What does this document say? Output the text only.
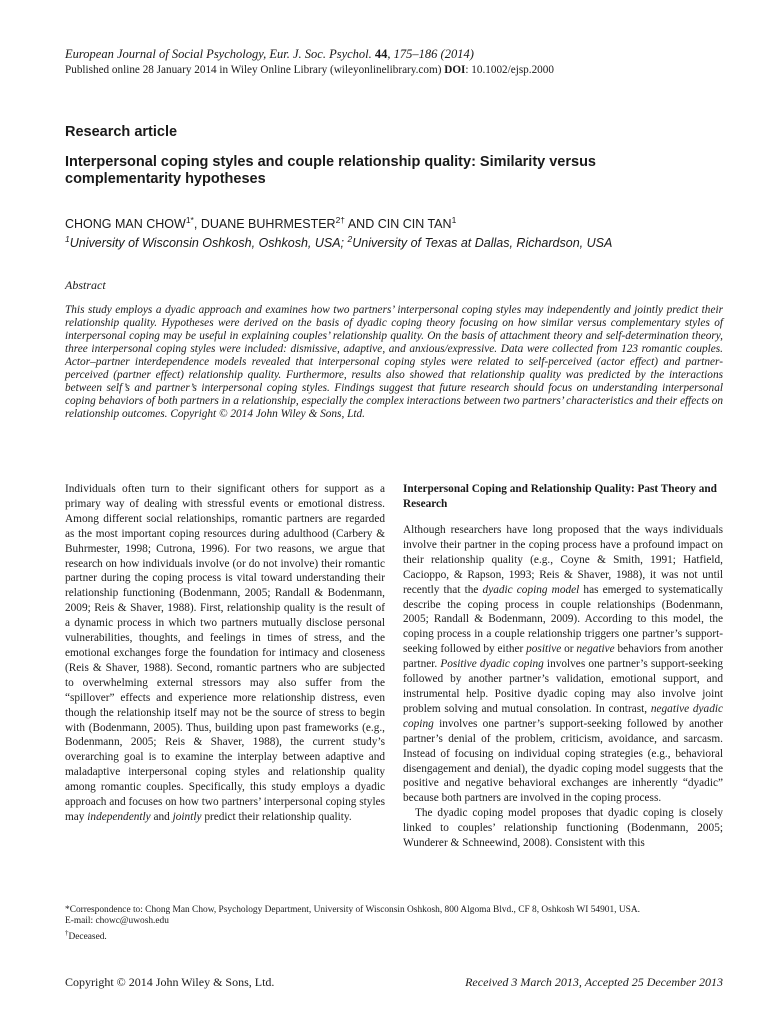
European Journal of Social Psychology, Eur. J. Soc. Psychol. 44, 175–186 (2014)
Published online 28 January 2014 in Wiley Online Library (wileyonlinelibrary.com) DOI: 10.1002/ejsp.2000
Research article
Interpersonal coping styles and couple relationship quality: Similarity versus complementarity hypotheses
CHONG MAN $CHOW^{1*}$, DUANE $BUHRMESTER^{2\dagger}$ AND CIN CIN TAN$^1$
$^1$University of Wisconsin Oshkosh, Oshkosh, USA; $^2$University of Texas at Dallas, Richardson, USA
Abstract
This study employs a dyadic approach and examines how two partners’ interpersonal coping styles may independently and jointly predict their relationship quality. Hypotheses were derived on the basis of dyadic coping theory focusing on how similar versus complementary styles of interpersonal coping may be useful in explaining couples’ relationship quality. On the basis of attachment theory and self-determination theory, three interpersonal coping styles were included: dismissive, adaptive, and anxious/expressive. Data were collected from 123 romantic couples. Actor–partner interdependence models revealed that interpersonal coping styles were related to self-perceived (actor effect) and partner-perceived (partner effect) relationship quality. Furthermore, results also showed that relationship quality was predicted by the interactions between self’s and partner’s interpersonal coping styles. Findings suggest that future research should focus on understanding interpersonal coping behaviors of both partners in a relationship, especially the complex interactions between two partners’ characteristics and their effects on relationship outcomes. Copyright © 2014 John Wiley & Sons, Ltd.

Individuals often turn to their significant others for support as a primary way of dealing with stressful events or emotional distress. Among different social relationships, romantic partners are regarded as the most important coping resources during adulthood (Carbery & Buhrmester, 1998; Cutrona, 1996). For two reasons, we argue that research on how individuals involve (or do not involve) their romantic partner during the coping process is vital toward understanding their relationship functioning (Bodenmann, 2005; Randall & Bodenmann, 2009; Reis & Shaver, 1988). First, relationship quality is the result of a dynamic process in which two partners mutually disclose personal vulnerabilities, thoughts, and feelings in times of stress, and the emotional exchanges forge the foundation for intimacy and closeness (Reis & Shaver, 1988). Second, romantic partners who are subjected to overwhelming external stressors may also suffer from the “spillover” effects and experience more relationship distress, even though the relationship itself may not be the source of stress to begin with (Bodenmann, 2005). Thus, building upon past frameworks (e.g., Bodenmann, 2005; Reis & Shaver, 1988), the current study’s overarching goal is to examine the interplay between adaptive and maladaptive interpersonal coping styles and relationship quality among romantic couples. Specifically, this study employs a dyadic approach and focuses on how two partners’ interpersonal coping styles may independently and jointly predict their relationship quality.

Interpersonal Coping and Relationship Quality: Past Theory and Research

Although researchers have long proposed that the ways individuals involve their partner in the coping process have a profound impact on their relationship quality (e.g., Coyne & Smith, 1991; Hatfield, Cacioppo, & Rapson, 1993; Reis & Shaver, 1988), it was not until recently that the dyadic coping model has emerged to systematically describe the coping process in couple relationships (Bodenmann, 2005; Randall & Bodenmann, 2009). According to this model, the coping process in a couple relationship triggers one partner’s support-seeking followed by either positive or negative behaviors from another partner. Positive dyadic coping involves one partner’s support-seeking followed by another partner’s validation, emotional support, and instrumental help. Positive dyadic coping may also involve joint problem solving and mutual consolation. In contrast, negative dyadic coping involves one partner’s support-seeking followed by another partner’s denial of the problem, criticism, avoidance, and sarcasm. Instead of focusing on individual coping strategies (e.g., behavioral disengagement and denial), the dyadic coping model suggests that the positive and negative behavioral exchanges are inherently “dyadic” because both partners are involved in the coping process.

The dyadic coping model proposes that dyadic coping is closely linked to couples’ relationship functioning (Bodenmann, 2005; Wunderer & Schneewind, 2008). Consistent with this

*Correspondence to: Chong Man Chow, Psychology Department, University of Wisconsin Oshkosh, 800 Algoma Blvd., CF 8, Oshkosh WI 54901, USA.
E-mail: chowc@uwosh.edu
†Deceased.
Copyright © 2014 John Wiley & Sons, Ltd.	Received 3 March 2013, Accepted 25 December 2013
